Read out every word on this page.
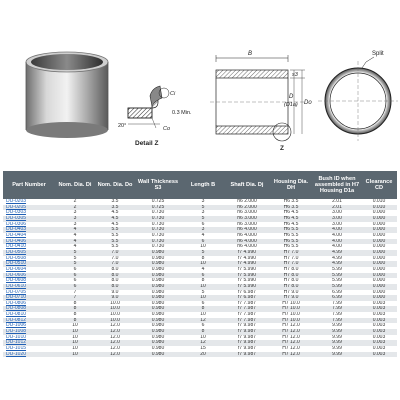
20°
0.3 Min.
Ci
Co
Detail Z
B
s3
D
(D1a) Do
Z
Split
Part Number	Nom. Dia. Di	Nom. Dia. Do	Wall Thickness S3	Length B	Shaft Dia. Dj	Housing Dia. DH	Bush ID when assembled in H7 Housing D1a	Clearance CD
DU-0203	2	3.5	0.725	3	h6 2.000	H6 3.5	2.01	0.010
DU-0205	2	3.5	0.725	5	h6 2.000	H6 3.5	2.01	0.010
DU-0303	3	4.5	0.730	3	h6 3.000	H6 4.5	3.00	0.000
DU-0305	3	4.5	0.730	5	h6 3.000	H6 4.5	3.00	0.000
DU-0306	3	4.5	0.730	6	h6 3.000	H6 4.5	3.00	0.000
DU-0403	4	5.5	0.730	3	h6 4.000	H6 5.5	4.00	0.000
DU-0404	4	5.5	0.730	4	h6 4.000	H6 5.5	4.00	0.000
DU-0406	4	5.5	0.730	6	h6 4.000	H6 5.5	4.00	0.000
DU-0410	4	5.5	0.730	10	h6 4.000	H6 5.5	4.00	0.000
DU-0505	5	7.0	0.980	5	f7 4.990	H7 7.0	4.99	0.000
DU-0508	5	7.0	0.980	8	f7 4.990	H7 7.0	4.99	0.000
DU-0510	5	7.0	0.980	10	f7 4.990	H7 7.0	4.99	0.000
DU-0604	6	8.0	0.980	4	f7 5.990	H7 8.0	5.99	0.000
DU-0606	6	8.0	0.980	6	f7 5.990	H7 8.0	5.99	0.000
DU-0608	6	8.0	0.980	8	f7 5.990	H7 8.0	5.99	0.000
DU-0610	6	8.0	0.980	10	f7 5.990	H7 8.0	5.99	0.000
DU-0705	7	9.0	0.980	5	f7 6.987	H7 9.0	6.99	0.000
DU-0710	7	9.0	0.980	10	f7 6.987	H7 9.0	6.99	0.000
DU-0806	8	10.0	0.980	6	f7 7.987	H7 10.0	7.99	0.003
DU-0808	8	10.0	0.980	8	f7 7.987	H7 10.0	7.99	0.003
DU-0810	8	10.0	0.980	10	f7 7.987	H7 10.0	7.99	0.003
DU-0812	8	10.0	0.980	12	f7 7.987	H7 10.0	7.99	0.003
DU-1006	10	12.0	0.980	6	f7 9.987	H7 12.0	9.99	0.003
DU-1008	10	12.0	0.980	8	f7 9.987	H7 12.0	9.99	0.003
DU-1010	10	12.0	0.980	10	f7 9.987	H7 12.0	9.99	0.003
DU-1012	10	12.0	0.980	12	f7 9.987	H7 12.0	9.99	0.003
DU-1015	10	12.0	0.980	15	f7 9.987	H7 12.0	9.99	0.003
DU-1020	10	12.0	0.980	20	f7 9.987	H7 12.0	9.99	0.003
